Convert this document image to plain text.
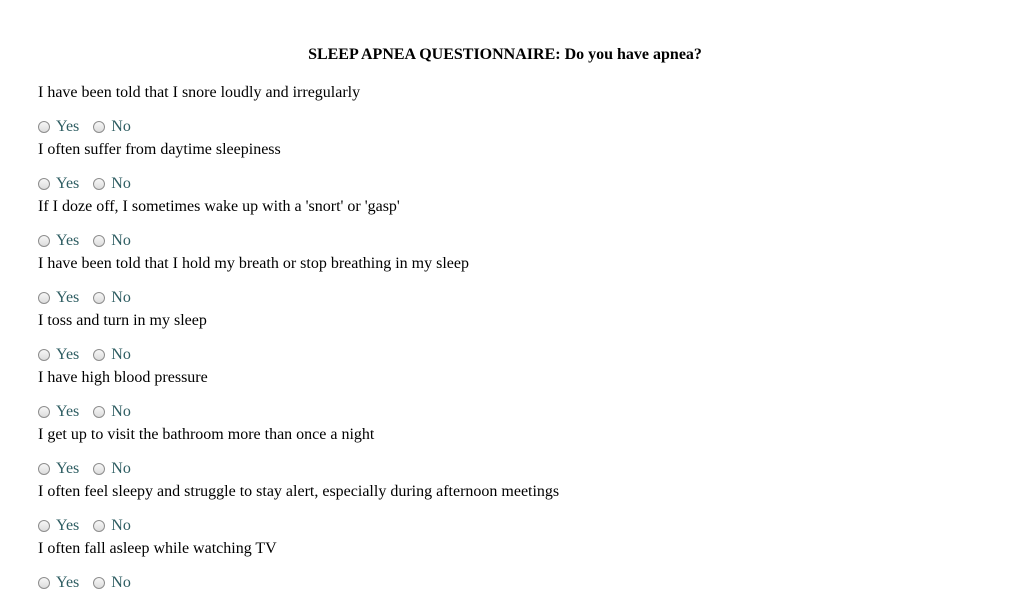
SLEEP APNEA QUESTIONNAIRE: Do you have apnea?
I have been told that I snore loudly and irregularly
Yes No
I often suffer from daytime sleepiness
Yes No
If I doze off, I sometimes wake up with a 'snort' or 'gasp'
Yes No
I have been told that I hold my breath or stop breathing in my sleep
Yes No
I toss and turn in my sleep
Yes No
I have high blood pressure
Yes No
I get up to visit the bathroom more than once a night
Yes No
I often feel sleepy and struggle to stay alert, especially during afternoon meetings
Yes No
I often fall asleep while watching TV
Yes No
